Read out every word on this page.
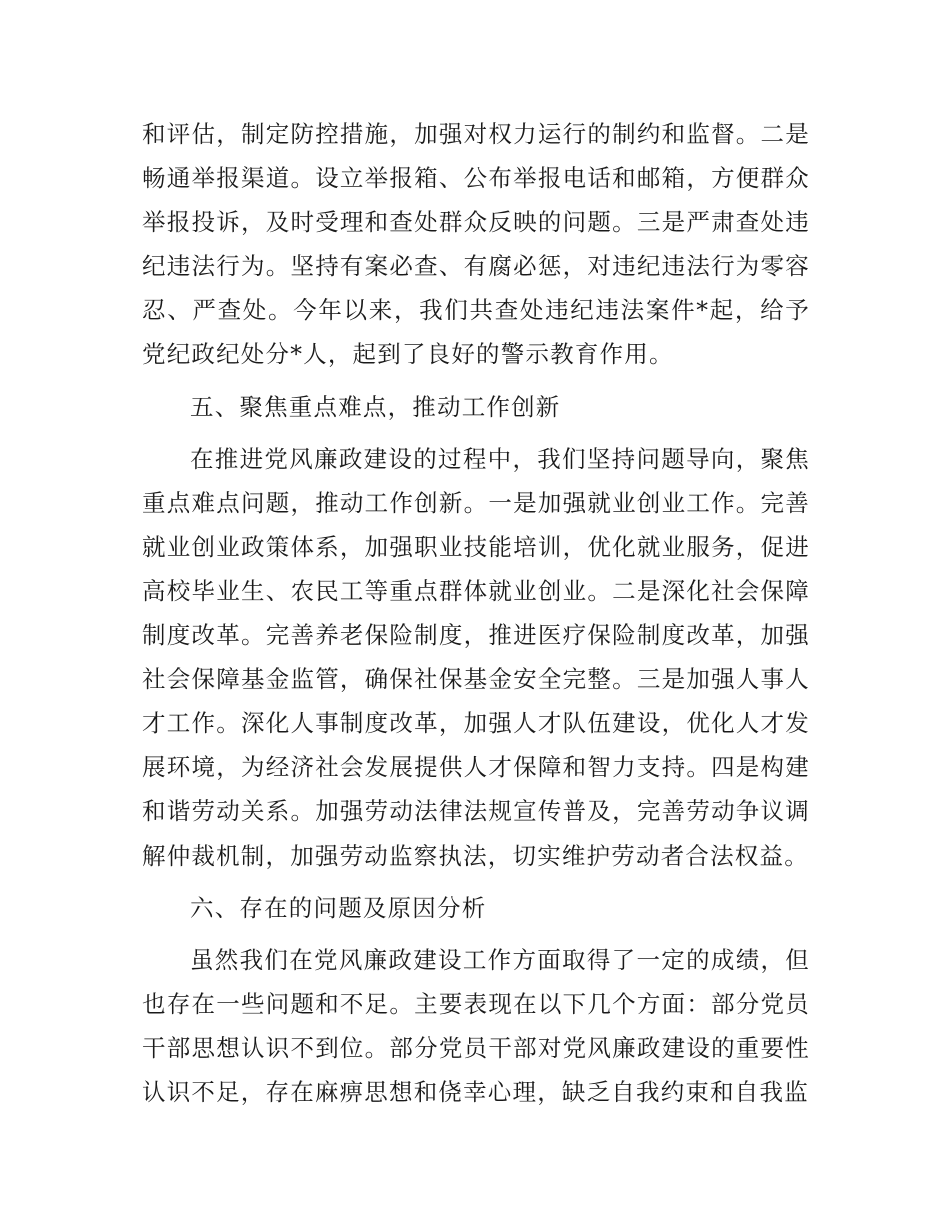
和评估，制定防控措施，加强对权力运行的制约和监督。二是畅通举报渠道。设立举报箱、公布举报电话和邮箱，方便群众举报投诉，及时受理和查处群众反映的问题。三是严肃查处违纪违法行为。坚持有案必查、有腐必惩，对违纪违法行为零容忍、严查处。今年以来，我们共查处违纪违法案件*起，给予党纪政纪处分*人，起到了良好的警示教育作用。

五、聚焦重点难点，推动工作创新

在推进党风廉政建设的过程中，我们坚持问题导向，聚焦重点难点问题，推动工作创新。一是加强就业创业工作。完善就业创业政策体系，加强职业技能培训，优化就业服务，促进高校毕业生、农民工等重点群体就业创业。二是深化社会保障制度改革。完善养老保险制度，推进医疗保险制度改革，加强社会保障基金监管，确保社保基金安全完整。三是加强人事人才工作。深化人事制度改革，加强人才队伍建设，优化人才发展环境，为经济社会发展提供人才保障和智力支持。四是构建和谐劳动关系。加强劳动法律法规宣传普及，完善劳动争议调解仲裁机制，加强劳动监察执法，切实维护劳动者合法权益。

六、存在的问题及原因分析

虽然我们在党风廉政建设工作方面取得了一定的成绩，但也存在一些问题和不足。主要表现在以下几个方面：部分党员干部思想认识不到位。部分党员干部对党风廉政建设的重要性认识不足，存在麻痹思想和侥幸心理，缺乏自我约束和自我监
